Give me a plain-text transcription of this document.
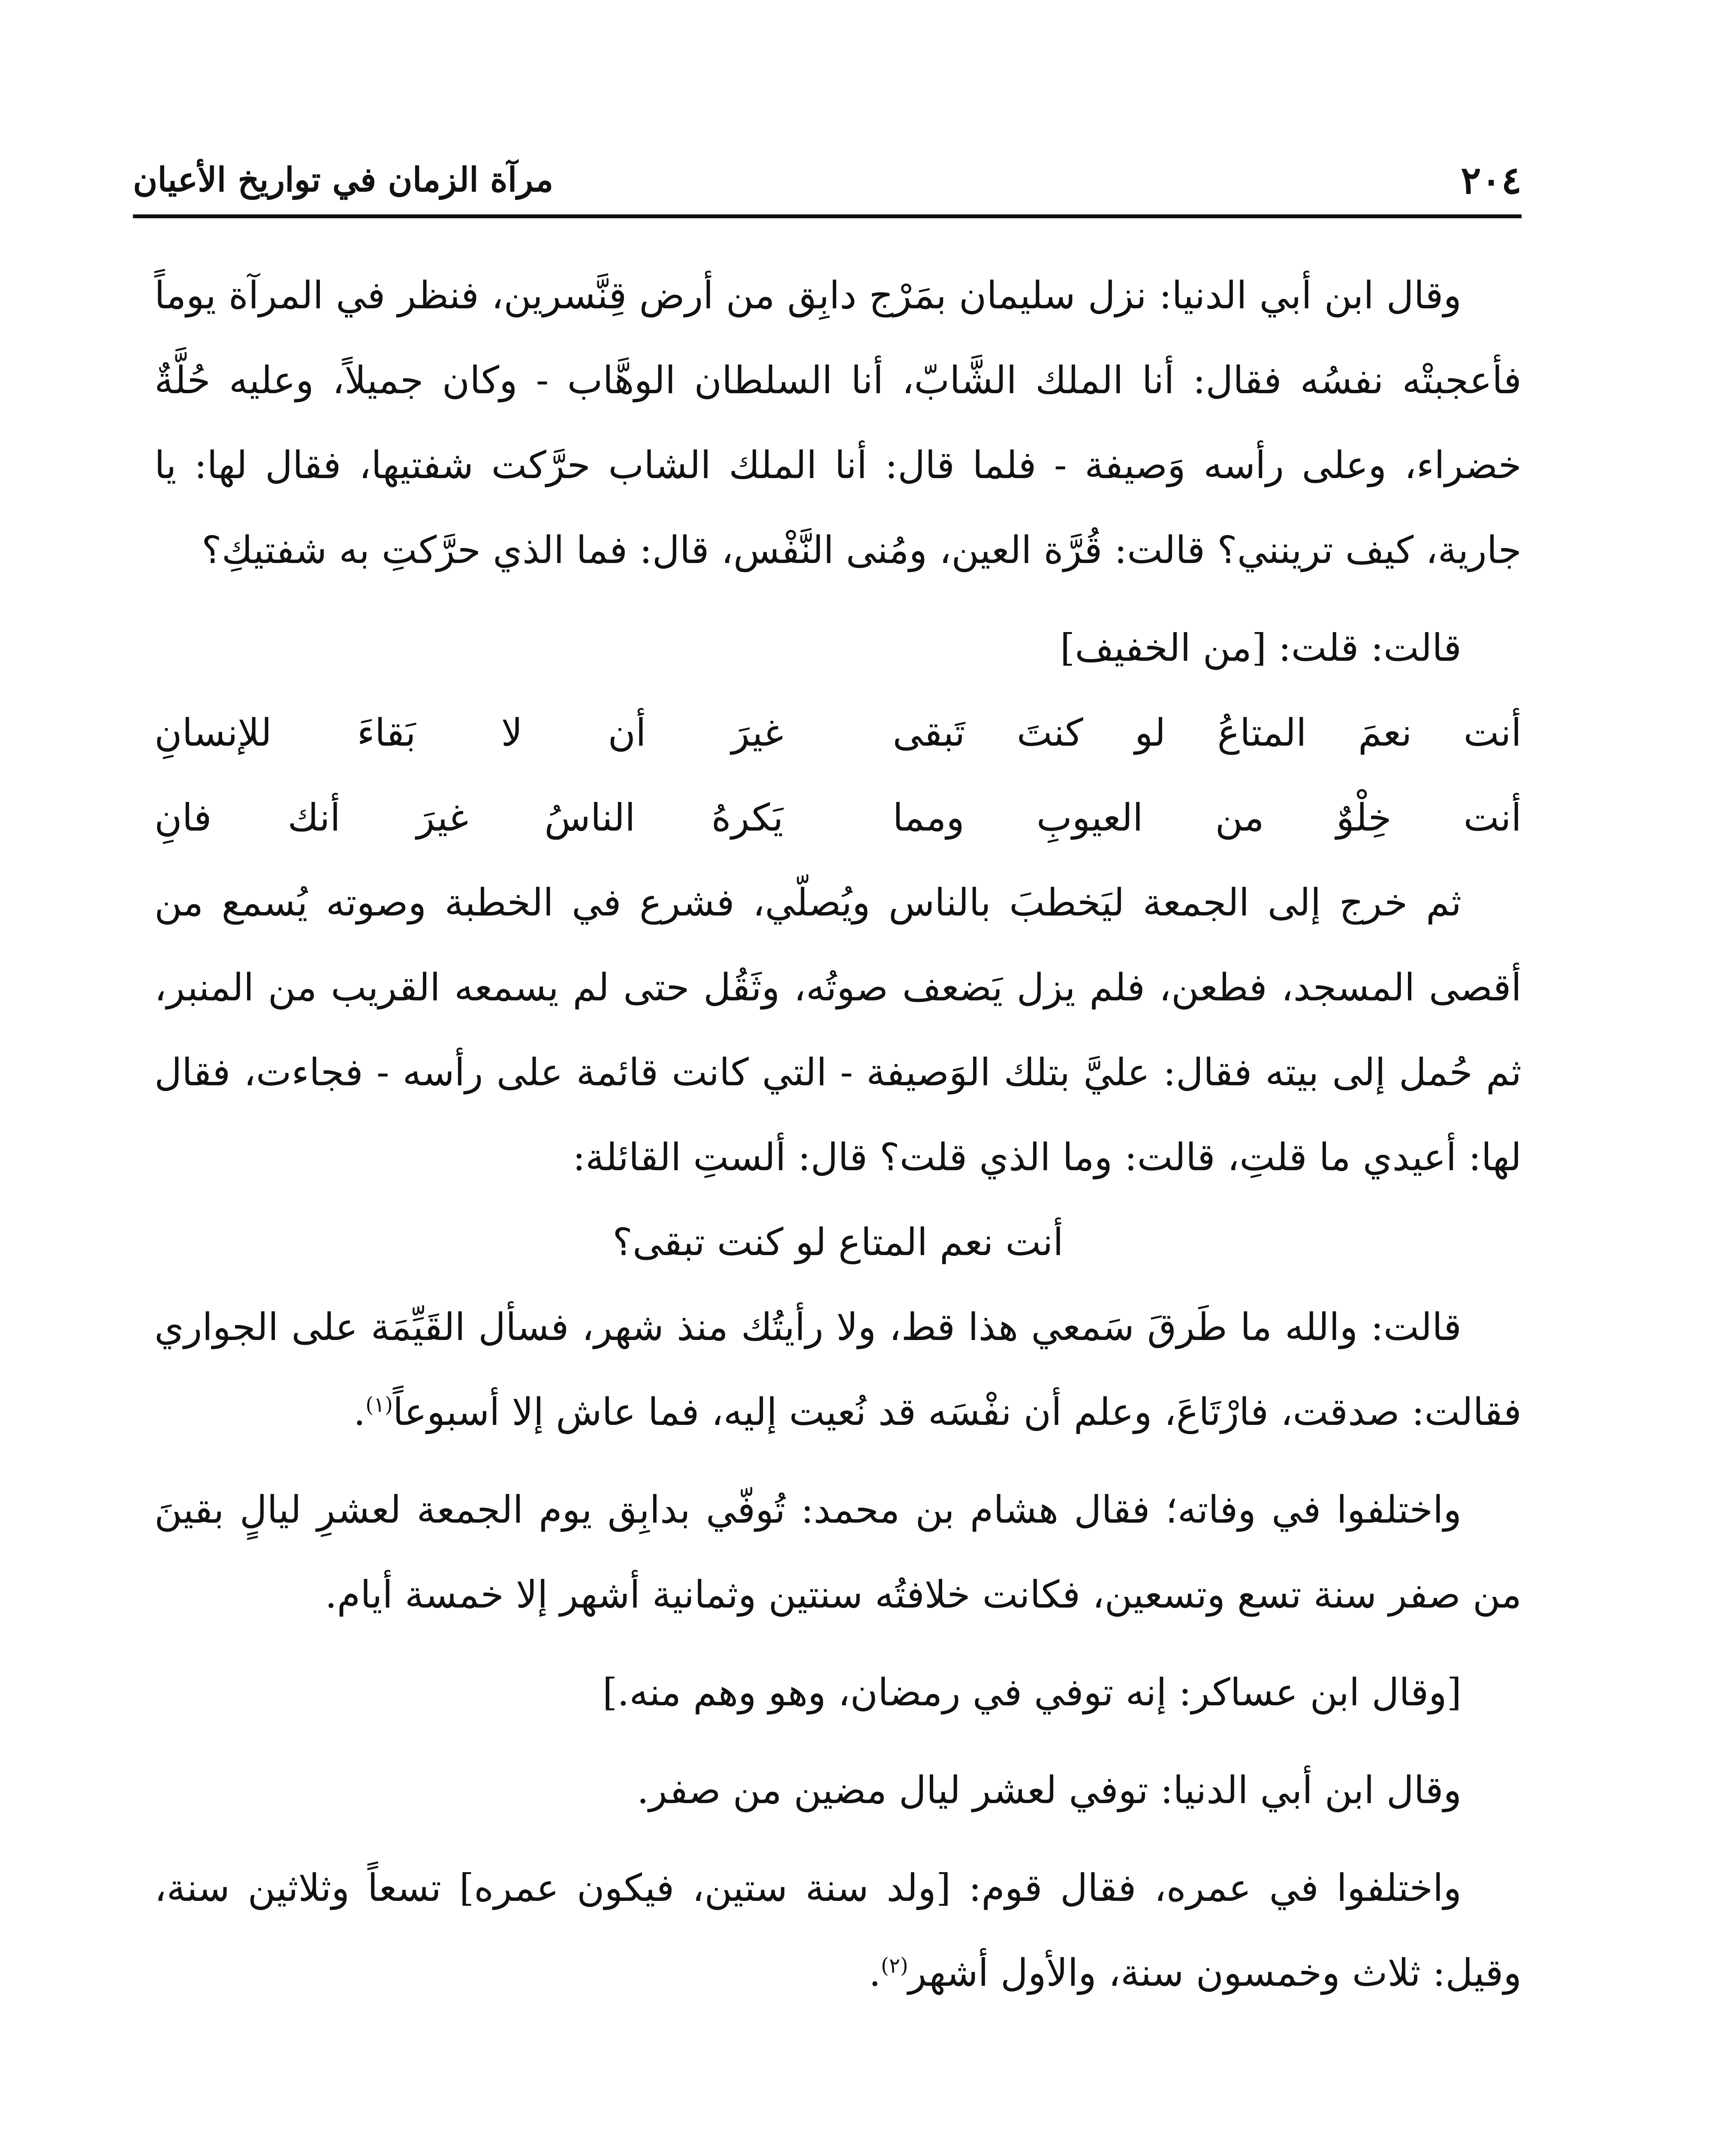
٢٠٤
مرآة الزمان في تواريخ الأعيان

وقال ابن أبي الدنيا: نزل سليمان بمَرْج دابِق من أرض قِنَّسرين، فنظر في المرآة يوماً فأعجبتْه نفسُه فقال: أنا الملك الشَّابّ، أنا السلطان الوهَّاب - وكان جميلاً، وعليه حُلَّةٌ خضراء، وعلى رأسه وَصيفة - فلما قال: أنا الملك الشاب حرَّكت شفتيها، فقال لها: يا جارية، كيف ترينني؟ قالت: قُرَّة العين، ومُنى النَّفْس، قال: فما الذي حرَّكتِ به شفتيكِ؟

قالت: قلت: [من الخفيف]

أنت نعمَ المتاعُ لو كنتَ تَبقى
غيرَ أن لا بَقاءَ للإنسانِ
أنت خِلْوٌ من العيوبِ ومما
يَكرهُ الناسُ غيرَ أنك فانِ

ثم خرج إلى الجمعة ليَخطبَ بالناس ويُصلّي، فشرع في الخطبة وصوته يُسمع من أقصى المسجد، فطعن، فلم يزل يَضعف صوتُه، وثَقُل حتى لم يسمعه القريب من المنبر، ثم حُمل إلى بيته فقال: عليَّ بتلك الوَصيفة - التي كانت قائمة على رأسه - فجاءت، فقال لها: أعيدي ما قلتِ، قالت: وما الذي قلت؟ قال: ألستِ القائلة:

أنت نعم المتاع لو كنت تبقى؟

قالت: والله ما طَرقَ سَمعي هذا قط، ولا رأيتُك منذ شهر، فسأل القَيِّمَة على الجواري فقالت: صدقت، فارْتَاعَ، وعلم أن نفْسَه قد نُعيت إليه، فما عاش إلا أسبوعاً$^{(١)}$.

واختلفوا في وفاته؛ فقال هشام بن محمد: تُوفّي بدابِق يوم الجمعة لعشرِ ليالٍ بقينَ من صفر سنة تسع وتسعين، فكانت خلافتُه سنتين وثمانية أشهر إلا خمسة أيام.

[وقال ابن عساكر: إنه توفي في رمضان، وهو وهم منه.]

وقال ابن أبي الدنيا: توفي لعشر ليال مضين من صفر.

واختلفوا في عمره، فقال قوم: [ولد سنة ستين، فيكون عمره] تسعاً وثلاثين سنة، وقيل: ثلاث وخمسون سنة، والأول أشهر$^{(٢)}$.
